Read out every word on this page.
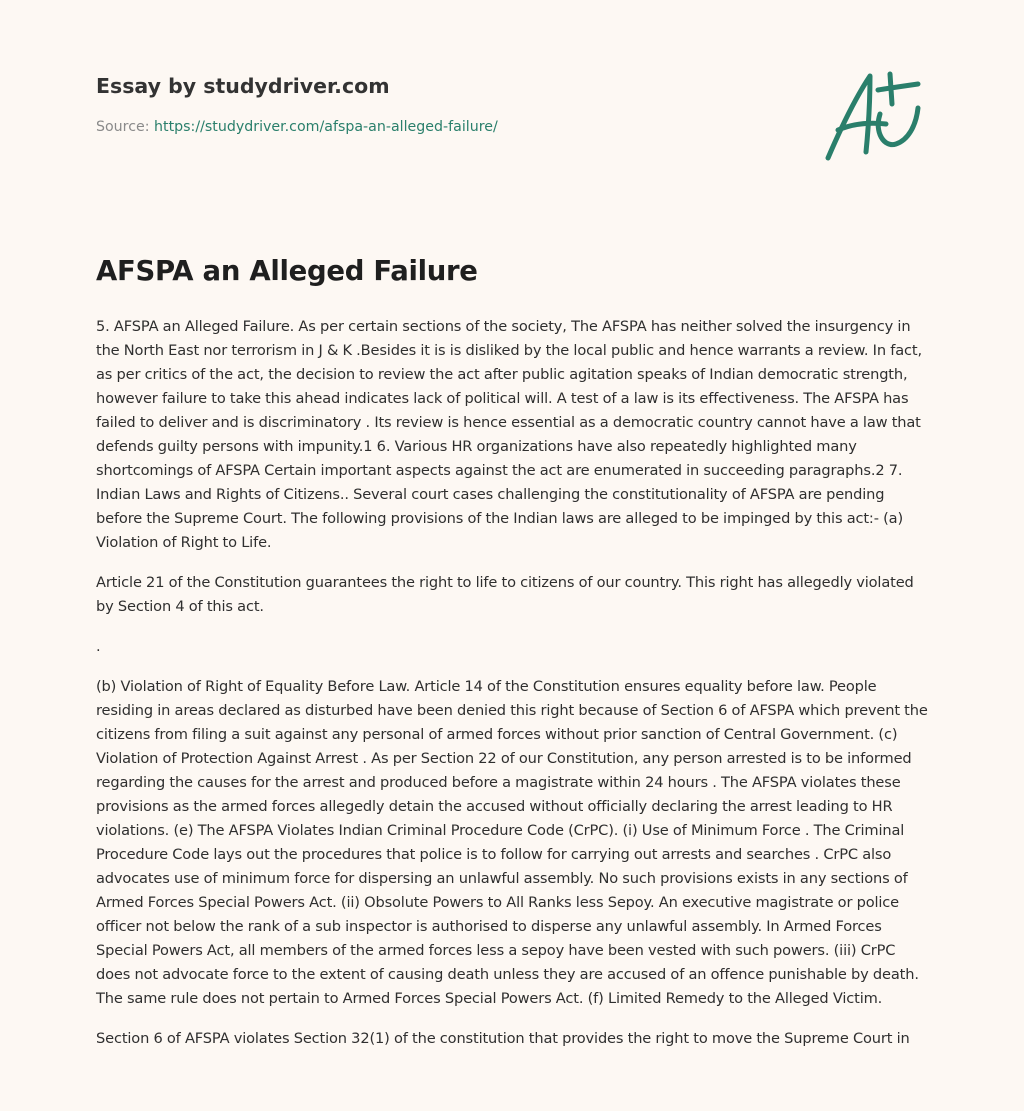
Essay by studydriver.com
Source: https://studydriver.com/afspa-an-alleged-failure/
AFSPA an Alleged Failure

5. AFSPA an Alleged Failure. As per certain sections of the society, The AFSPA has neither solved the insurgency in the North East nor terrorism in J & K .Besides it is is disliked by the local public and hence warrants a review. In fact, as per critics of the act, the decision to review the act after public agitation speaks of Indian democratic strength, however failure to take this ahead indicates lack of political will. A test of a law is its effectiveness. The AFSPA has failed to deliver and is discriminatory . Its review is hence essential as a democratic country cannot have a law that defends guilty persons with impunity.1 6. Various HR organizations have also repeatedly highlighted many shortcomings of AFSPA Certain important aspects against the act are enumerated in succeeding paragraphs.2 7. Indian Laws and Rights of Citizens.. Several court cases challenging the constitutionality of AFSPA are pending before the Supreme Court. The following provisions of the Indian laws are alleged to be impinged by this act:- (a) Violation of Right to Life.

Article 21 of the Constitution guarantees the right to life to citizens of our country. This right has allegedly violated by Section 4 of this act.

.

(b) Violation of Right of Equality Before Law. Article 14 of the Constitution ensures equality before law. People residing in areas declared as disturbed have been denied this right because of Section 6 of AFSPA which prevent the citizens from filing a suit against any personal of armed forces without prior sanction of Central Government. (c) Violation of Protection Against Arrest . As per Section 22 of our Constitution, any person arrested is to be informed regarding the causes for the arrest and produced before a magistrate within 24 hours . The AFSPA violates these provisions as the armed forces allegedly detain the accused without officially declaring the arrest leading to HR violations. (e) The AFSPA Violates Indian Criminal Procedure Code (CrPC). (i) Use of Minimum Force . The Criminal Procedure Code lays out the procedures that police is to follow for carrying out arrests and searches . CrPC also advocates use of minimum force for dispersing an unlawful assembly. No such provisions exists in any sections of Armed Forces Special Powers Act. (ii) Obsolute Powers to All Ranks less Sepoy. An executive magistrate or police officer not below the rank of a sub inspector is authorised to disperse any unlawful assembly. In Armed Forces Special Powers Act, all members of the armed forces less a sepoy have been vested with such powers. (iii) CrPC does not advocate force to the extent of causing death unless they are accused of an offence punishable by death. The same rule does not pertain to Armed Forces Special Powers Act. (f) Limited Remedy to the Alleged Victim.

Section 6 of AFSPA violates Section 32(1) of the constitution that provides the right to move the Supreme Court in
